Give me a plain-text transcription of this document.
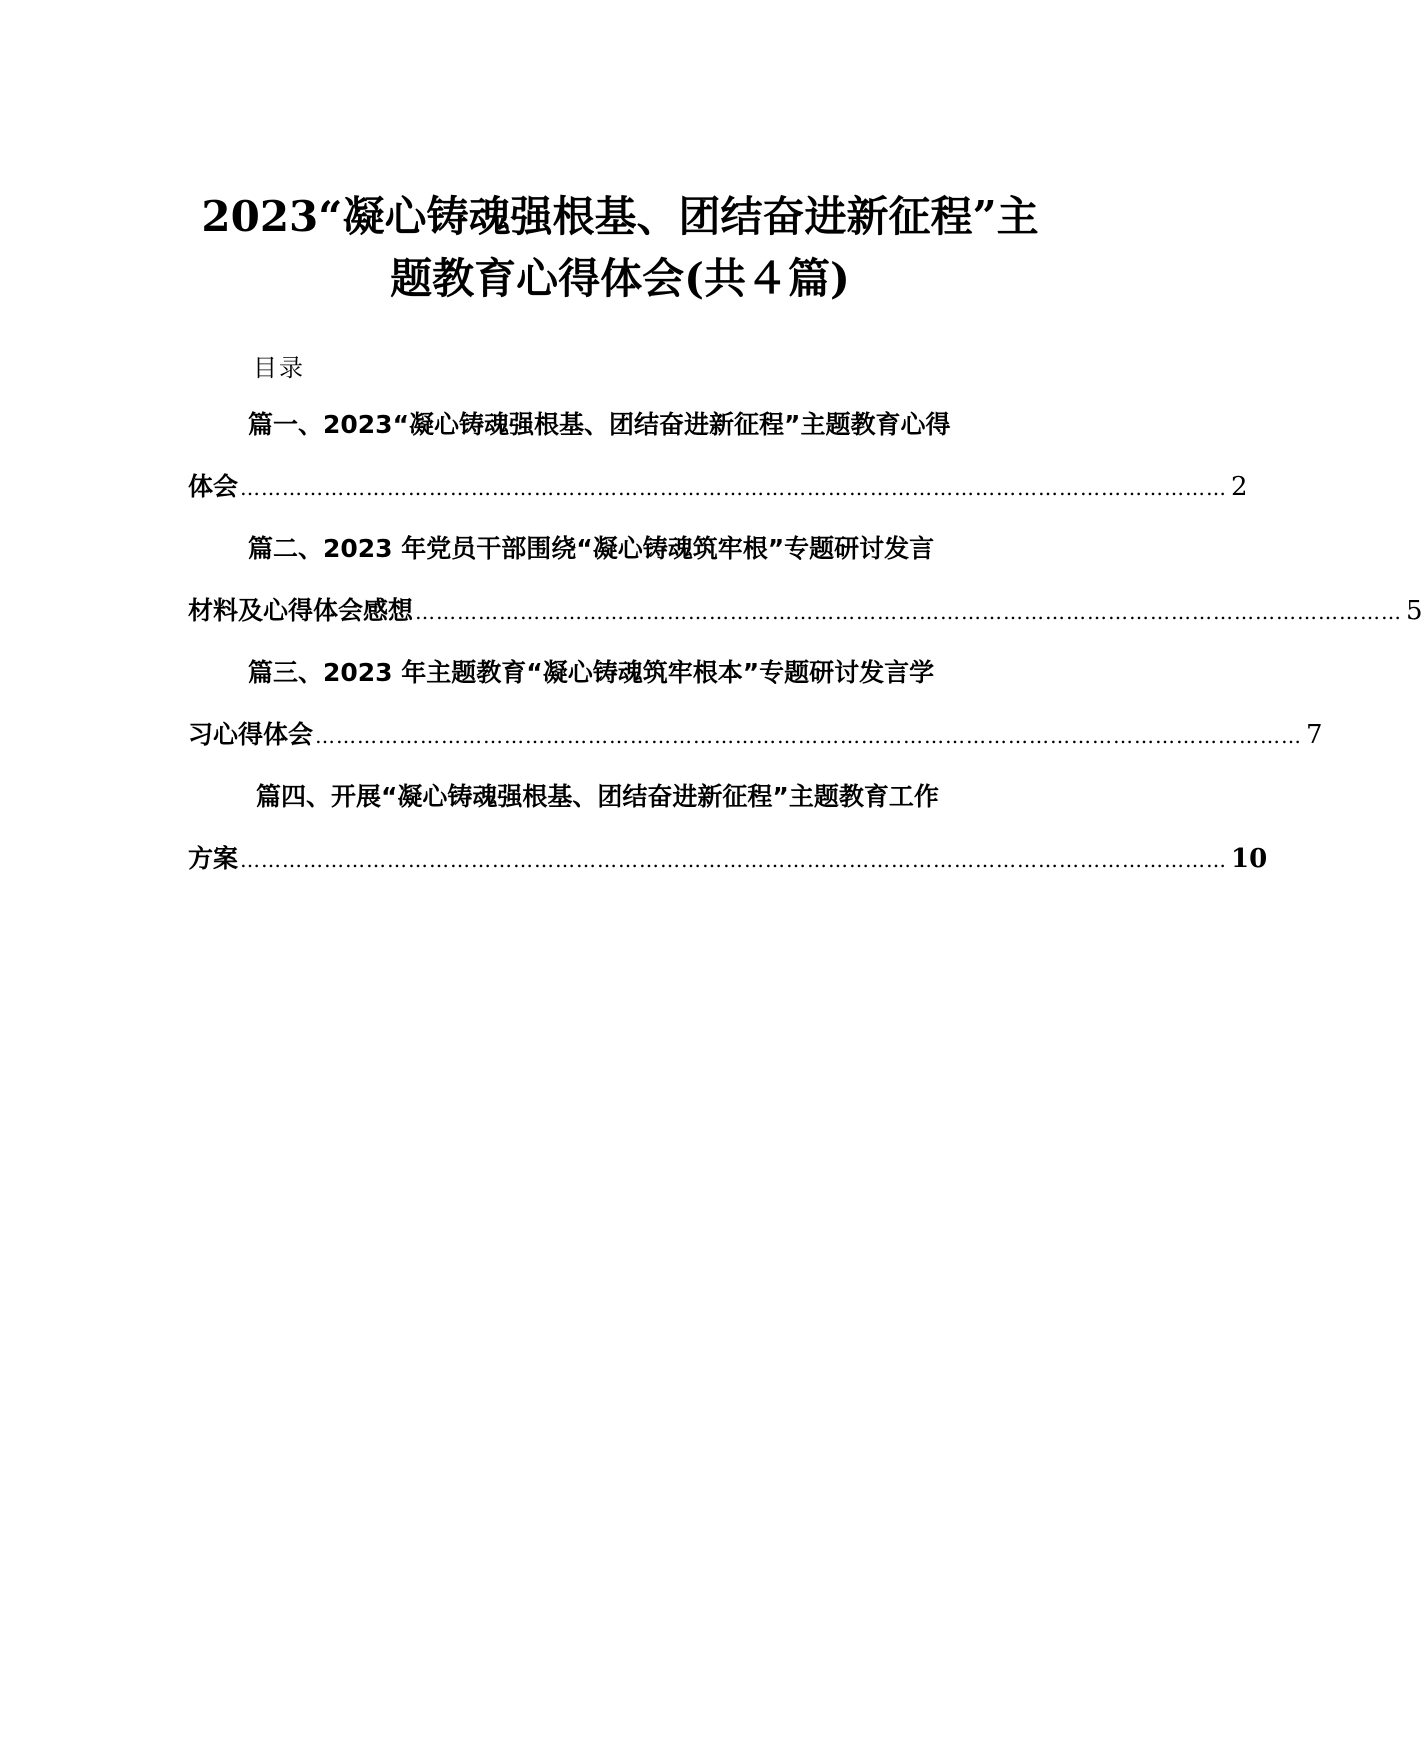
2023“凝心铸魂强根基、团结奋进新征程”主
题教育心得体会(共４篇)

目录

篇一、2023“凝心铸魂强根基、团结奋进新征程”主题教育心得
体会 …………………………………………………………………………………………………………………………… 2
篇二、2023 年党员干部围绕“凝心铸魂筑牢根”专题研讨发言
材料及心得体会感想 …………………………………………………………………………………………………………………………… 5
篇三、2023 年主题教育“凝心铸魂筑牢根本”专题研讨发言学
习心得体会 …………………………………………………………………………………………………………………………… 7
篇四、开展“凝心铸魂强根基、团结奋进新征程”主题教育工作
方案 …………………………………………………………………………………………………………………………… 10
